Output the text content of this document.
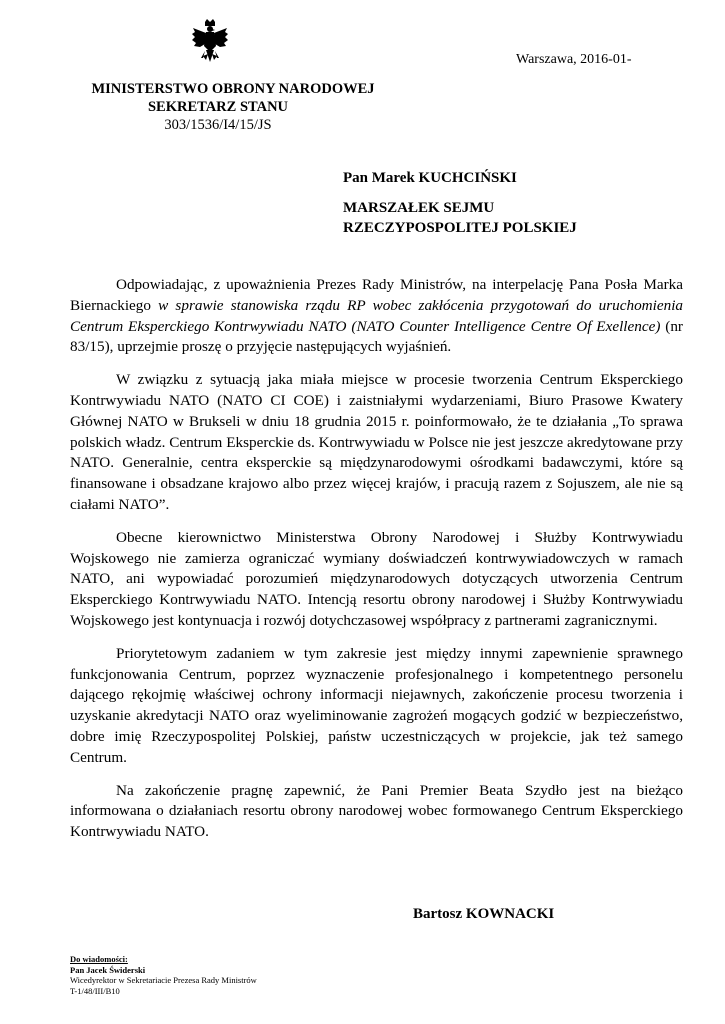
Warszawa, 2016-01-
MINISTERSTWO OBRONY NARODOWEJ
SEKRETARZ STANU
303/1536/I4/15/JS
Pan Marek KUCHCIŃSKI
MARSZAŁEK SEJMU
RZECZYPOSPOLITEJ POLSKIEJ

Odpowiadając, z upoważnienia Prezes Rady Ministrów, na interpelację Pana Posła Marka Biernackiego w sprawie stanowiska rządu RP wobec zakłócenia przygotowań do uruchomienia Centrum Eksperckiego Kontrwywiadu NATO (NATO Counter Intelligence Centre Of Exellence) (nr 83/15), uprzejmie proszę o przyjęcie następujących wyjaśnień.

W związku z sytuacją jaka miała miejsce w procesie tworzenia Centrum Eksperckiego Kontrwywiadu NATO (NATO CI COE) i zaistniałymi wydarzeniami, Biuro Prasowe Kwatery Głównej NATO w Brukseli w dniu 18 grudnia 2015 r. poinformowało, że te działania „To sprawa polskich władz. Centrum Eksperckie ds. Kontrwywiadu w Polsce nie jest jeszcze akredytowane przy NATO. Generalnie, centra eksperckie są międzynarodowymi ośrodkami badawczymi, które są finansowane i obsadzane krajowo albo przez więcej krajów, i pracują razem z Sojuszem, ale nie są ciałami NATO”.

Obecne kierownictwo Ministerstwa Obrony Narodowej i Służby Kontrwywiadu Wojskowego nie zamierza ograniczać wymiany doświadczeń kontrwywiadowczych w ramach NATO, ani wypowiadać porozumień międzynarodowych dotyczących utworzenia Centrum Eksperckiego Kontrwywiadu NATO. Intencją resortu obrony narodowej i Służby Kontrwywiadu Wojskowego jest kontynuacja i rozwój dotychczasowej współpracy z partnerami zagranicznymi.

Priorytetowym zadaniem w tym zakresie jest między innymi zapewnienie sprawnego funkcjonowania Centrum, poprzez wyznaczenie profesjonalnego i kompetentnego personelu dającego rękojmię właściwej ochrony informacji niejawnych, zakończenie procesu tworzenia i uzyskanie akredytacji NATO oraz wyeliminowanie zagrożeń mogących godzić w bezpieczeństwo, dobre imię Rzeczypospolitej Polskiej, państw uczestniczących w projekcie, jak też samego Centrum.

Na zakończenie pragnę zapewnić, że Pani Premier Beata Szydło jest na bieżąco informowana o działaniach resortu obrony narodowej wobec formowanego Centrum Eksperckiego Kontrwywiadu NATO.

Bartosz KOWNACKI
Do wiadomości:
Pan Jacek Świderski
Wicedyrektor w Sekretariacie Prezesa Rady Ministrów
T-1/48/III/B10
